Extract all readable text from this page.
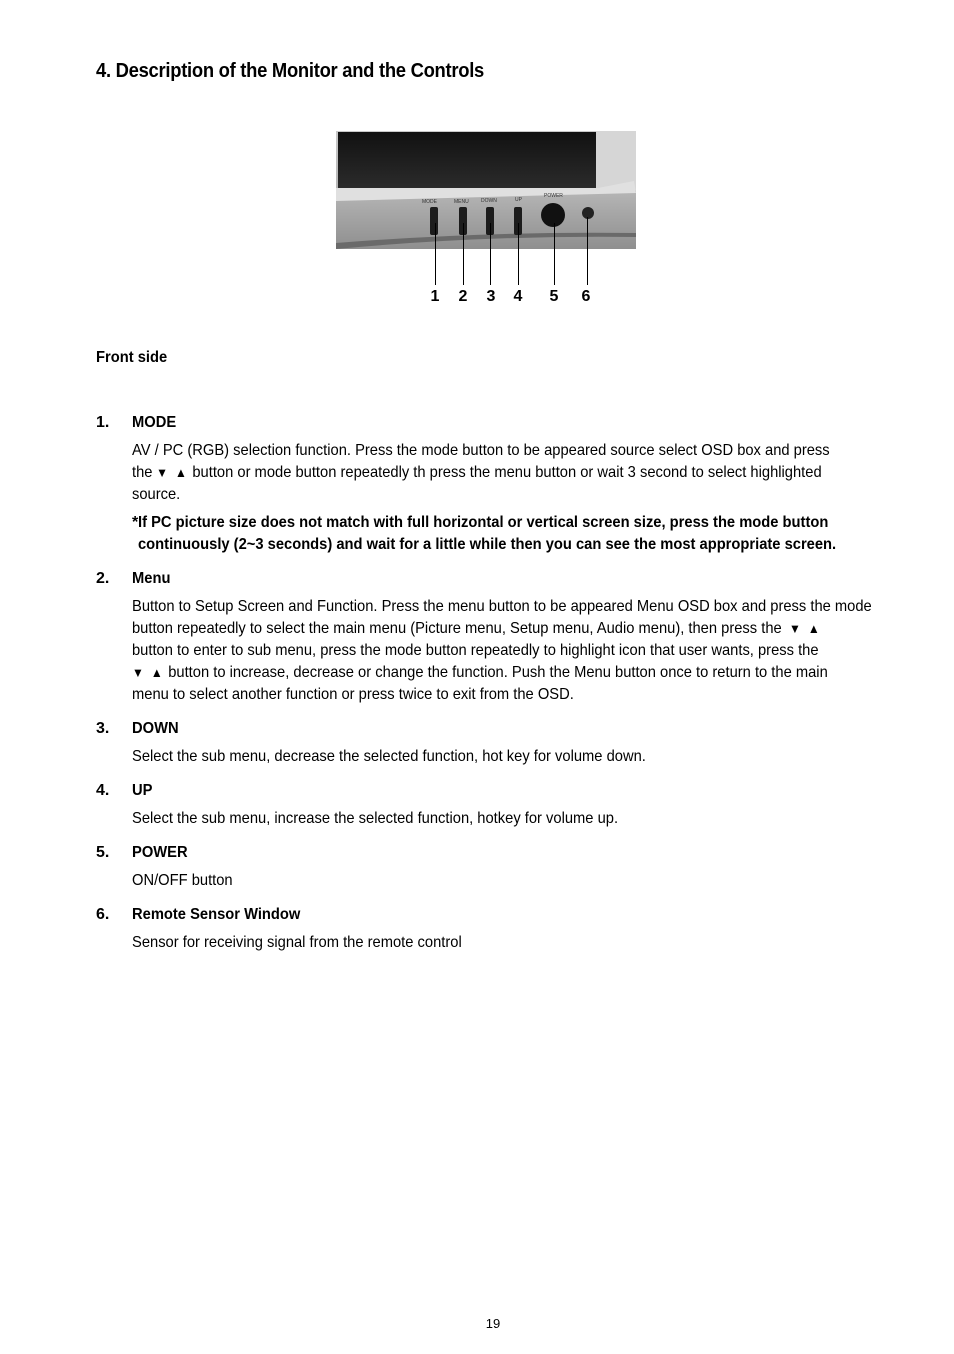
4. Description of the Monitor and the Controls
MODE	MENU DOWN	UP
POWER
1 2 3 4 5 6
Front side
1.	MODE
AV / PC (RGB) selection function. Press the mode button to be appeared source select OSD box and press
the ▼ ▲ button or mode button repeatedly th press the menu button or wait 3 second to select highlighted
source.
* If PC picture size does not match with full horizontal or vertical screen size, press the mode button
continuously (2~3 seconds) and wait for a little while then you can see the most appropriate screen.
2.	Menu
Button to Setup Screen and Function. Press the menu button to be appeared Menu OSD box and press the mode
button repeatedly to select the main menu (Picture menu, Setup menu, Audio menu), then press the ▼ ▲
button to enter to sub menu, press the mode button repeatedly to highlight icon that user wants, press the
▼ ▲ button to increase, decrease or change the function. Push the Menu button once to return to the main
menu to select another function or press twice to exit from the OSD.
3.	DOWN
Select the sub menu, decrease the selected function, hot key for volume down.
4.	UP
Select the sub menu, increase the selected function, hotkey for volume up.
5.	POWER
ON/OFF button
6.	Remote Sensor Window
Sensor for receiving signal from the remote control
19
